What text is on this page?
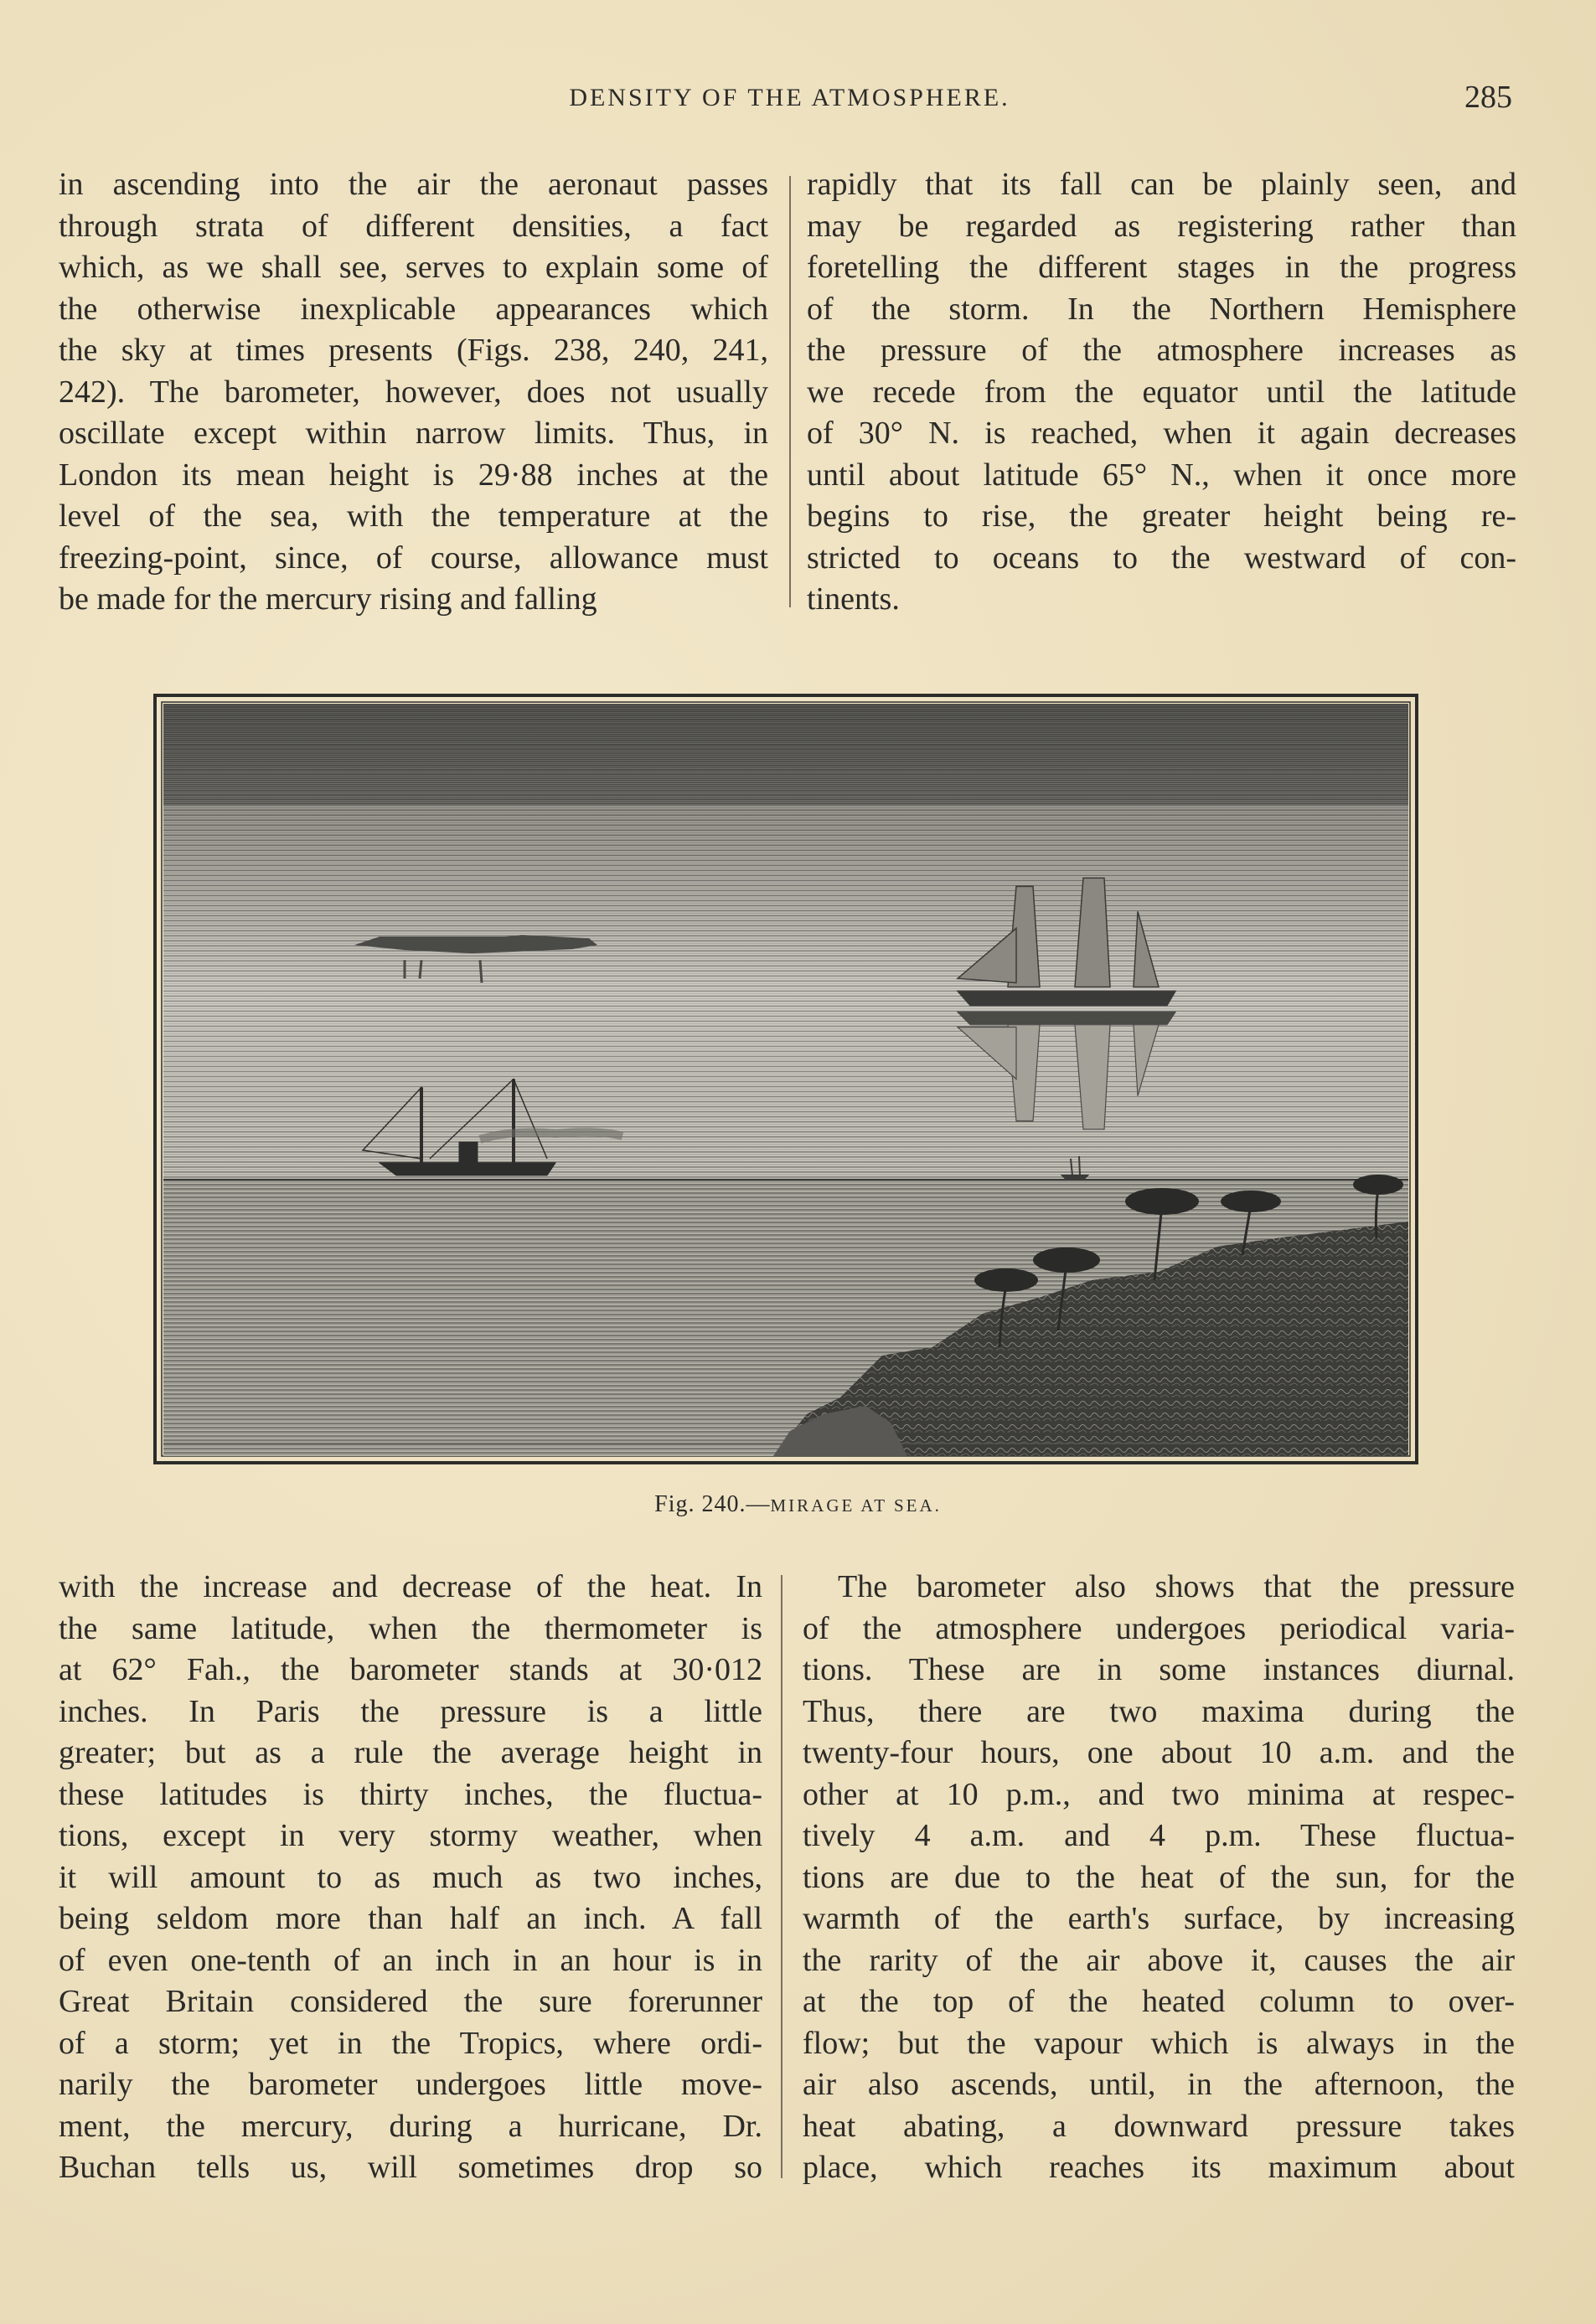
DENSITY OF THE ATMOSPHERE.	285
in ascending into the air the aeronaut passes
through strata of different densities, a fact
which, as we shall see, serves to explain some of
the otherwise inexplicable appearances which
the sky at times presents (Figs. 238, 240, 241,
242). The barometer, however, does not usually
oscillate except within narrow limits. Thus, in
London its mean height is 29·88 inches at the
level of the sea, with the temperature at the
freezing-point, since, of course, allowance must
be made for the mercury rising and falling
rapidly that its fall can be plainly seen, and
may be regarded as registering rather than
foretelling the different stages in the progress
of the storm. In the Northern Hemisphere
the pressure of the atmosphere increases as
we recede from the equator until the latitude
of 30° N. is reached, when it again decreases
until about latitude 65° N., when it once more
begins to rise, the greater height being re-
stricted to oceans to the westward of con-
tinents.
Fig. 240.—MIRAGE AT SEA.
with the increase and decrease of the heat. In
the same latitude, when the thermometer is
at 62° Fah., the barometer stands at 30·012
inches. In Paris the pressure is a little
greater; but as a rule the average height in
these latitudes is thirty inches, the fluctua-
tions, except in very stormy weather, when
it will amount to as much as two inches,
being seldom more than half an inch. A fall
of even one-tenth of an inch in an hour is in
Great Britain considered the sure forerunner
of a storm; yet in the Tropics, where ordi-
narily the barometer undergoes little move-
ment, the mercury, during a hurricane, Dr.
Buchan tells us, will sometimes drop so
The barometer also shows that the pressure
of the atmosphere undergoes periodical varia-
tions. These are in some instances diurnal.
Thus, there are two maxima during the
twenty-four hours, one about 10 a.m. and the
other at 10 p.m., and two minima at respec-
tively 4 a.m. and 4 p.m. These fluctua-
tions are due to the heat of the sun, for the
warmth of the earth's surface, by increasing
the rarity of the air above it, causes the air
at the top of the heated column to over-
flow; but the vapour which is always in the
air also ascends, until, in the afternoon, the
heat abating, a downward pressure takes
place, which reaches its maximum about
